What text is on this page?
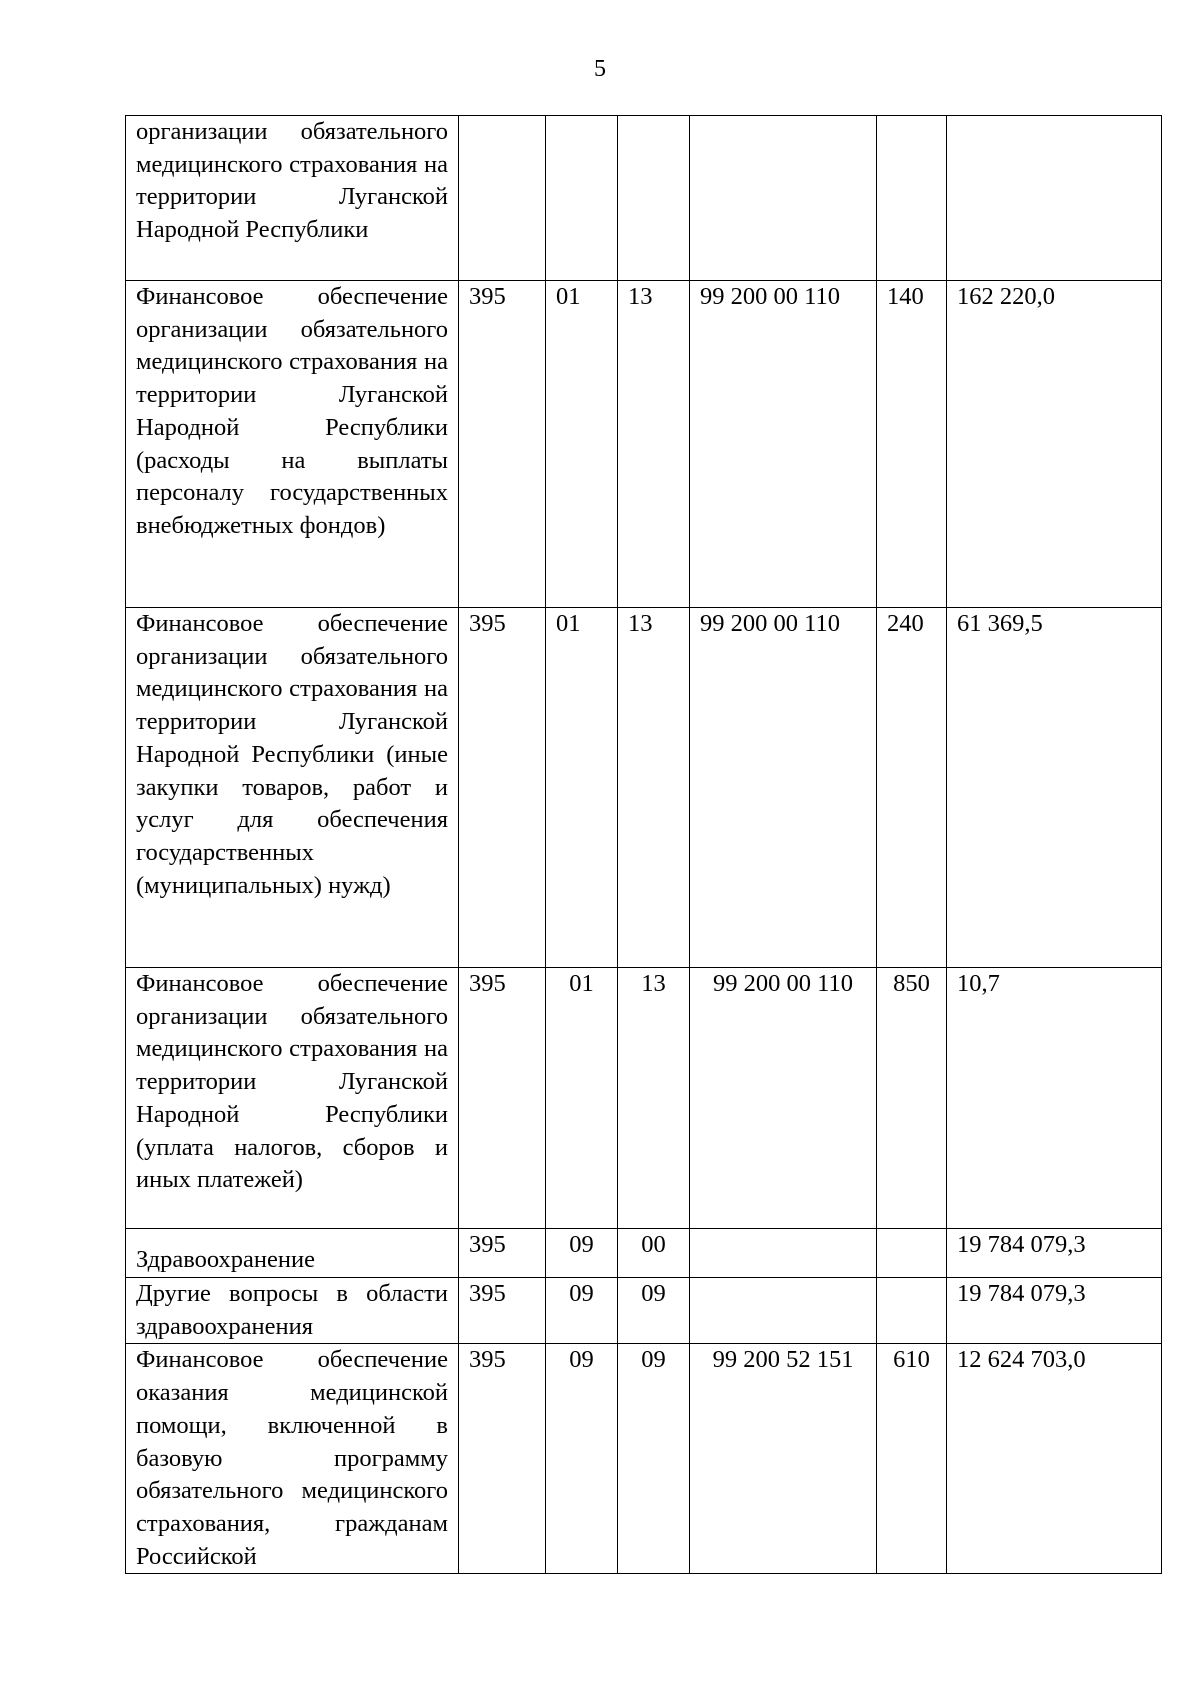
5
организации обязательного медицинского страхования на территории Луганской Народной Республики						
Финансовое обеспечение организации обязательного медицинского страхования на территории Луганской Народной Республики (расходы на выплаты персоналу государственных внебюджетных фондов)	395	01	13	99 200 00 110	140	162 220,0
Финансовое обеспечение организации обязательного медицинского страхования на территории Луганской Народной Республики (иные закупки товаров, работ и услуг для обеспечения государственных (муниципальных) нужд)	395	01	13	99 200 00 110	240	61 369,5
Финансовое обеспечение организации обязательного медицинского страхования на территории Луганской Народной Республики (уплата налогов, сборов и иных платежей)	395	01	13	99 200 00 110	850	10,7
Здравоохранение	395	09	00			19 784 079,3
Другие вопросы в области здравоохранения	395	09	09			19 784 079,3
Финансовое обеспечение оказания медицинской помощи, включенной в базовую программу обязательного медицинского страхования, гражданам Российской	395	09	09	99 200 52 151	610	12 624 703,0
